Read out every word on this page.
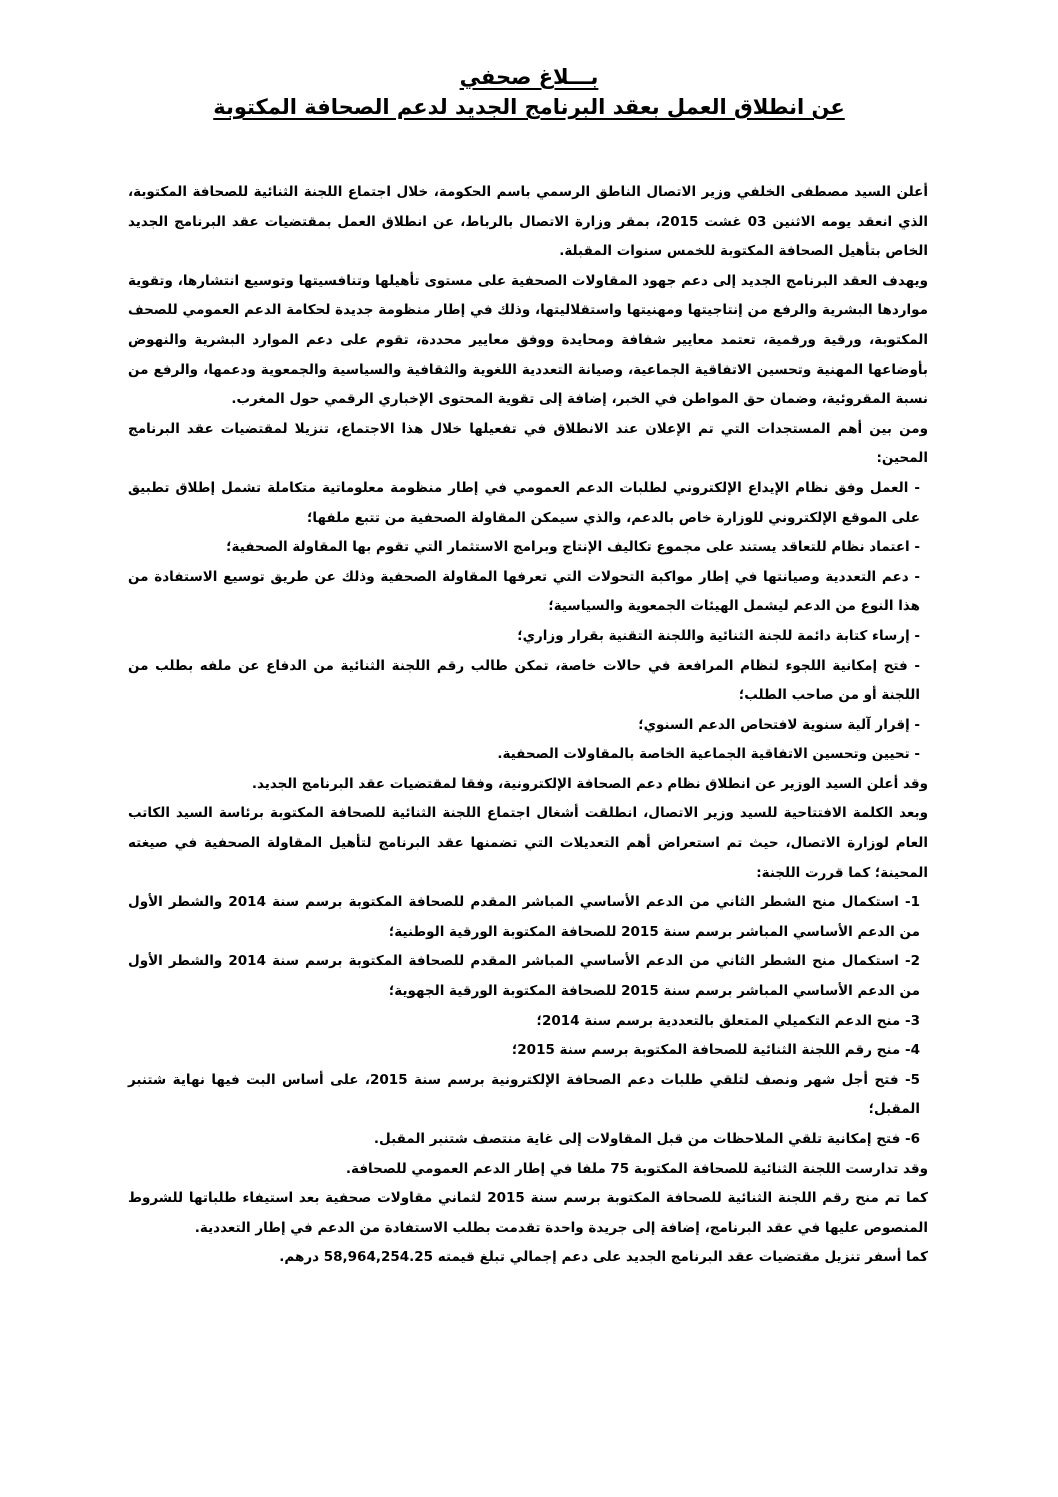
بـــلاغ صحفي
عن انطلاق العمل بعقد البرنامج الجديد لدعم الصحافة المكتوبة

أعلن السيد مصطفى الخلفي وزير الاتصال الناطق الرسمي باسم الحكومة، خلال اجتماع اللجنة الثنائية للصحافة المكتوبة، الذي انعقد يومه الاثنين 03 غشت 2015، بمقر وزارة الاتصال بالرباط، عن انطلاق العمل بمقتضيات عقد البرنامج الجديد الخاص بتأهيل الصحافة المكتوبة للخمس سنوات المقبلة.

ويهدف العقد البرنامج الجديد إلى دعم جهود المقاولات الصحفية على مستوى تأهيلها وتنافسيتها وتوسيع انتشارها، وتقوية مواردها البشرية والرفع من إنتاجيتها ومهنيتها واستقلاليتها، وذلك في إطار منظومة جديدة لحكامة الدعم العمومي للصحف المكتوبة، ورقية ورقمية، تعتمد معايير شفافة ومحايدة ووفق معايير محددة، تقوم على دعم الموارد البشرية والنهوض بأوضاعها المهنية وتحسين الاتفاقية الجماعية، وصيانة التعددية اللغوية والثقافية والسياسية والجمعوية ودعمها، والرفع من نسبة المقروئية، وضمان حق المواطن في الخبر، إضافة إلى تقوية المحتوى الإخباري الرقمي حول المغرب.

ومن بين أهم المستجدات التي تم الإعلان عند الانطلاق في تفعيلها خلال هذا الاجتماع، تنزيلا لمقتضيات عقد البرنامج المحين:

- العمل وفق نظام الإيداع الإلكتروني لطلبات الدعم العمومي في إطار منظومة معلوماتية متكاملة تشمل إطلاق تطبيق على الموقع الإلكتروني للوزارة خاص بالدعم، والذي سيمكن المقاولة الصحفية من تتبع ملفها؛

- اعتماد نظام للتعاقد يستند على مجموع تكاليف الإنتاج وبرامج الاستثمار التي تقوم بها المقاولة الصحفية؛

- دعم التعددية وصيانتها في إطار مواكبة التحولات التي تعرفها المقاولة الصحفية وذلك عن طريق توسيع الاستفادة من هذا النوع من الدعم ليشمل الهيئات الجمعوية والسياسية؛

- إرساء كتابة دائمة للجنة الثنائية واللجنة التقنية بقرار وزاري؛

- فتح إمكانية اللجوء لنظام المرافعة في حالات خاصة، تمكن طالب رقم اللجنة الثنائية من الدفاع عن ملفه بطلب من اللجنة أو من صاحب الطلب؛

- إقرار آلية سنوية لافتحاص الدعم السنوي؛

- تحيين وتحسين الاتفاقية الجماعية الخاصة بالمقاولات الصحفية.

وقد أعلن السيد الوزير عن انطلاق نظام دعم الصحافة الإلكترونية، وفقا لمقتضيات عقد البرنامج الجديد.

وبعد الكلمة الافتتاحية للسيد وزير الاتصال، انطلقت أشغال اجتماع اللجنة الثنائية للصحافة المكتوبة برئاسة السيد الكاتب العام لوزارة الاتصال، حيث تم استعراض أهم التعديلات التي تضمنها عقد البرنامج لتأهيل المقاولة الصحفية في صيغته المحينة؛ كما قررت اللجنة:

1- استكمال منح الشطر الثاني من الدعم الأساسي المباشر المقدم للصحافة المكتوبة برسم سنة 2014 والشطر الأول من الدعم الأساسي المباشر برسم سنة 2015 للصحافة المكتوبة الورقية الوطنية؛

2- استكمال منح الشطر الثاني من الدعم الأساسي المباشر المقدم للصحافة المكتوبة برسم سنة 2014 والشطر الأول من الدعم الأساسي المباشر برسم سنة 2015 للصحافة المكتوبة الورقية الجهوية؛

3- منح الدعم التكميلي المتعلق بالتعددية برسم سنة 2014؛

4- منح رقم اللجنة الثنائية للصحافة المكتوبة برسم سنة 2015؛

5- فتح أجل شهر ونصف لتلقي طلبات دعم الصحافة الإلكترونية برسم سنة 2015، على أساس البت فيها نهاية شتنبر المقبل؛

6- فتح إمكانية تلقي الملاحظات من قبل المقاولات إلى غاية منتصف شتنبر المقبل.

وقد تدارست اللجنة الثنائية للصحافة المكتوبة 75 ملفا في إطار الدعم العمومي للصحافة.

كما تم منح رقم اللجنة الثنائية للصحافة المكتوبة برسم سنة 2015 لثماني مقاولات صحفية بعد استيفاء طلباتها للشروط المنصوص عليها في عقد البرنامج، إضافة إلى جريدة واحدة تقدمت بطلب الاستفادة من الدعم في إطار التعددية.

كما أسفر تنزيل مقتضيات عقد البرنامج الجديد على دعم إجمالي تبلغ قيمته 58,964,254.25 درهم.
